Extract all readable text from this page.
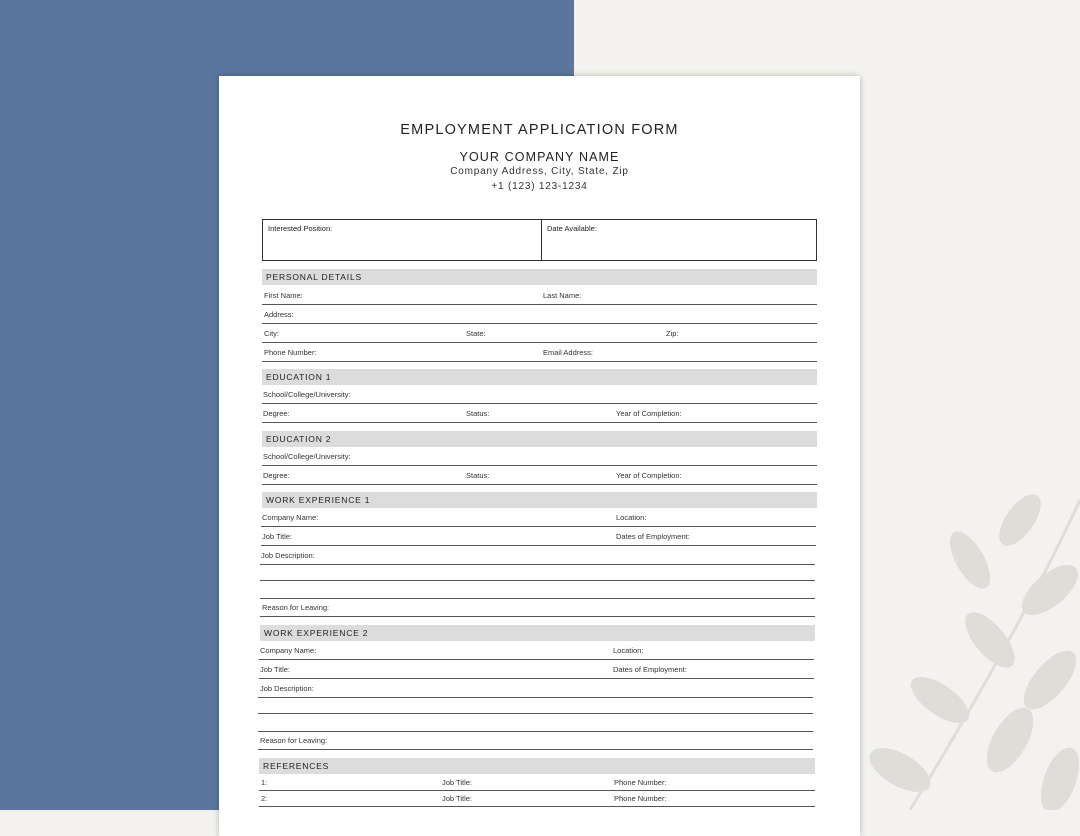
EMPLOYMENT APPLICATION FORM
YOUR COMPANY NAME
Company Address, City, State, Zip
+1 (123) 123-1234
Interested Position:	Date Available:
PERSONAL DETAILS
First Name:	Last Name:
Address:
City:	State:	Zip:
Phone Number:	Email Address:
EDUCATION 1
School/College/University:
Degree:	Status:	Year of Completion:
EDUCATION 2
School/College/University:
Degree:	Status:	Year of Completion:
WORK EXPERIENCE 1
Company Name:	Location:
Job Title:	Dates of Employment:
Job Description:
Reason for Leaving:
WORK EXPERIENCE 2
Company Name:	Location:
Job Title:	Dates of Employment:
Job Description:
Reason for Leaving:
REFERENCES
1:	Job Title:	Phone Number:
2:	Job Title:	Phone Number:
